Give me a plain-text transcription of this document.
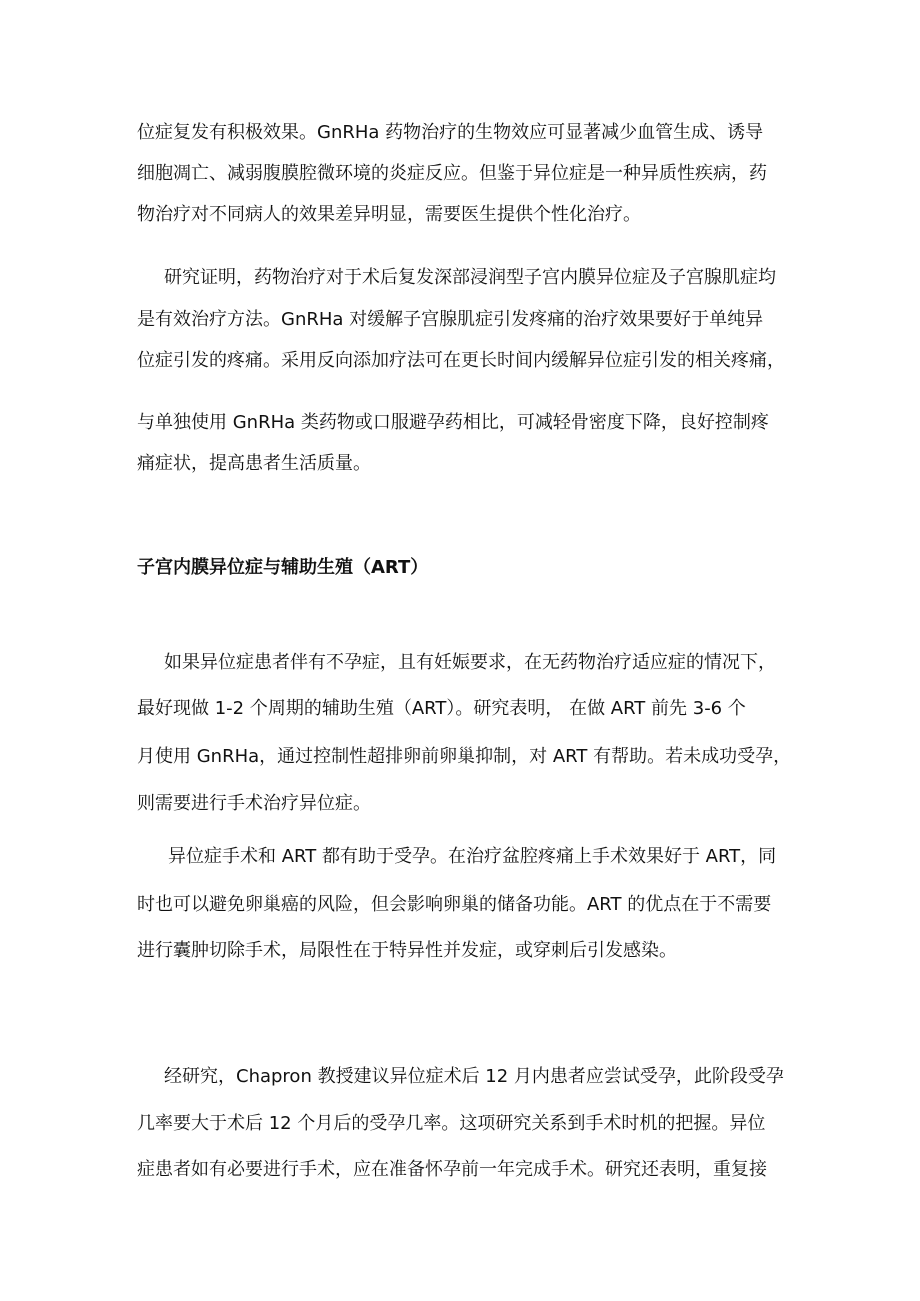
位症复发有积极效果。GnRHa 药物治疗的生物效应可显著减少血管生成、诱导
细胞凋亡、减弱腹膜腔微环境的炎症反应。但鉴于异位症是一种异质性疾病，药
物治疗对不同病人的效果差异明显，需要医生提供个性化治疗。
研究证明，药物治疗对于术后复发深部浸润型子宫内膜异位症及子宫腺肌症均
是有效治疗方法。GnRHa 对缓解子宫腺肌症引发疼痛的治疗效果要好于单纯异
位症引发的疼痛。采用反向添加疗法可在更长时间内缓解异位症引发的相关疼痛，
与单独使用 GnRHa 类药物或口服避孕药相比，可减轻骨密度下降，良好控制疼
痛症状，提高患者生活质量。
子宫内膜异位症与辅助生殖（ART）
如果异位症患者伴有不孕症，且有妊娠要求，在无药物治疗适应症的情况下，
最好现做 1-2 个周期的辅助生殖（ART）。研究表明， 在做 ART 前先 3-6 个
月使用 GnRHa，通过控制性超排卵前卵巢抑制，对 ART 有帮助。若未成功受孕，
则需要进行手术治疗异位症。
异位症手术和 ART 都有助于受孕。在治疗盆腔疼痛上手术效果好于 ART，同
时也可以避免卵巢癌的风险，但会影响卵巢的储备功能。ART 的优点在于不需要
进行囊肿切除手术，局限性在于特异性并发症，或穿刺后引发感染。
经研究，Chapron 教授建议异位症术后 12 月内患者应尝试受孕，此阶段受孕
几率要大于术后 12 个月后的受孕几率。这项研究关系到手术时机的把握。异位
症患者如有必要进行手术，应在准备怀孕前一年完成手术。研究还表明，重复接
